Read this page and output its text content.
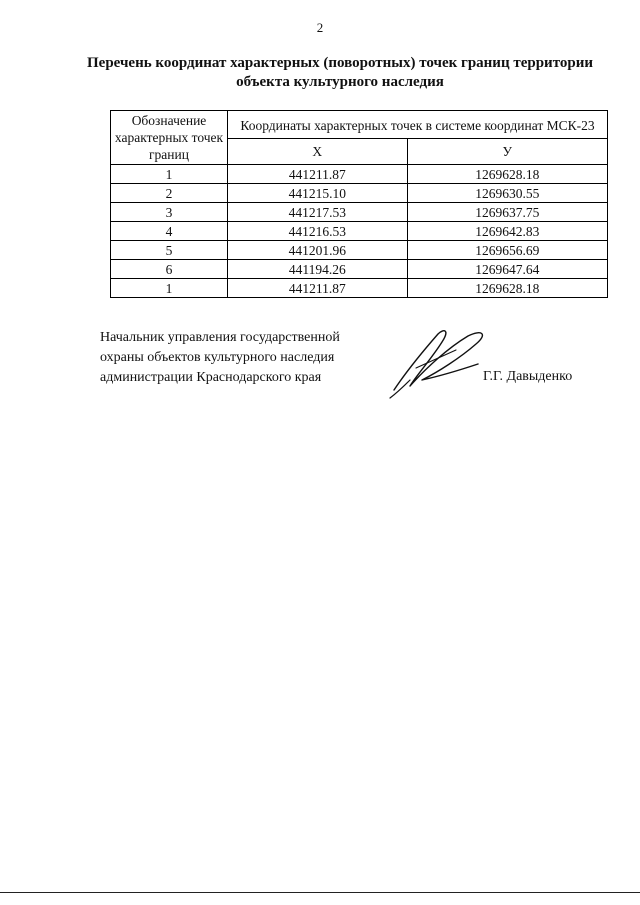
2
Перечень координат характерных (поворотных) точек границ территории объекта культурного наследия
Обозначение характерных точек границ	Координаты характерных точек в системе координат МСК-23	
	Х	У
1	441211.87	1269628.18
2	441215.10	1269630.55
3	441217.53	1269637.75
4	441216.53	1269642.83
5	441201.96	1269656.69
6	441194.26	1269647.64
1	441211.87	1269628.18
Начальник управления государственной
охраны объектов культурного наследия
администрации Краснодарского края	Г.Г. Давыденко
